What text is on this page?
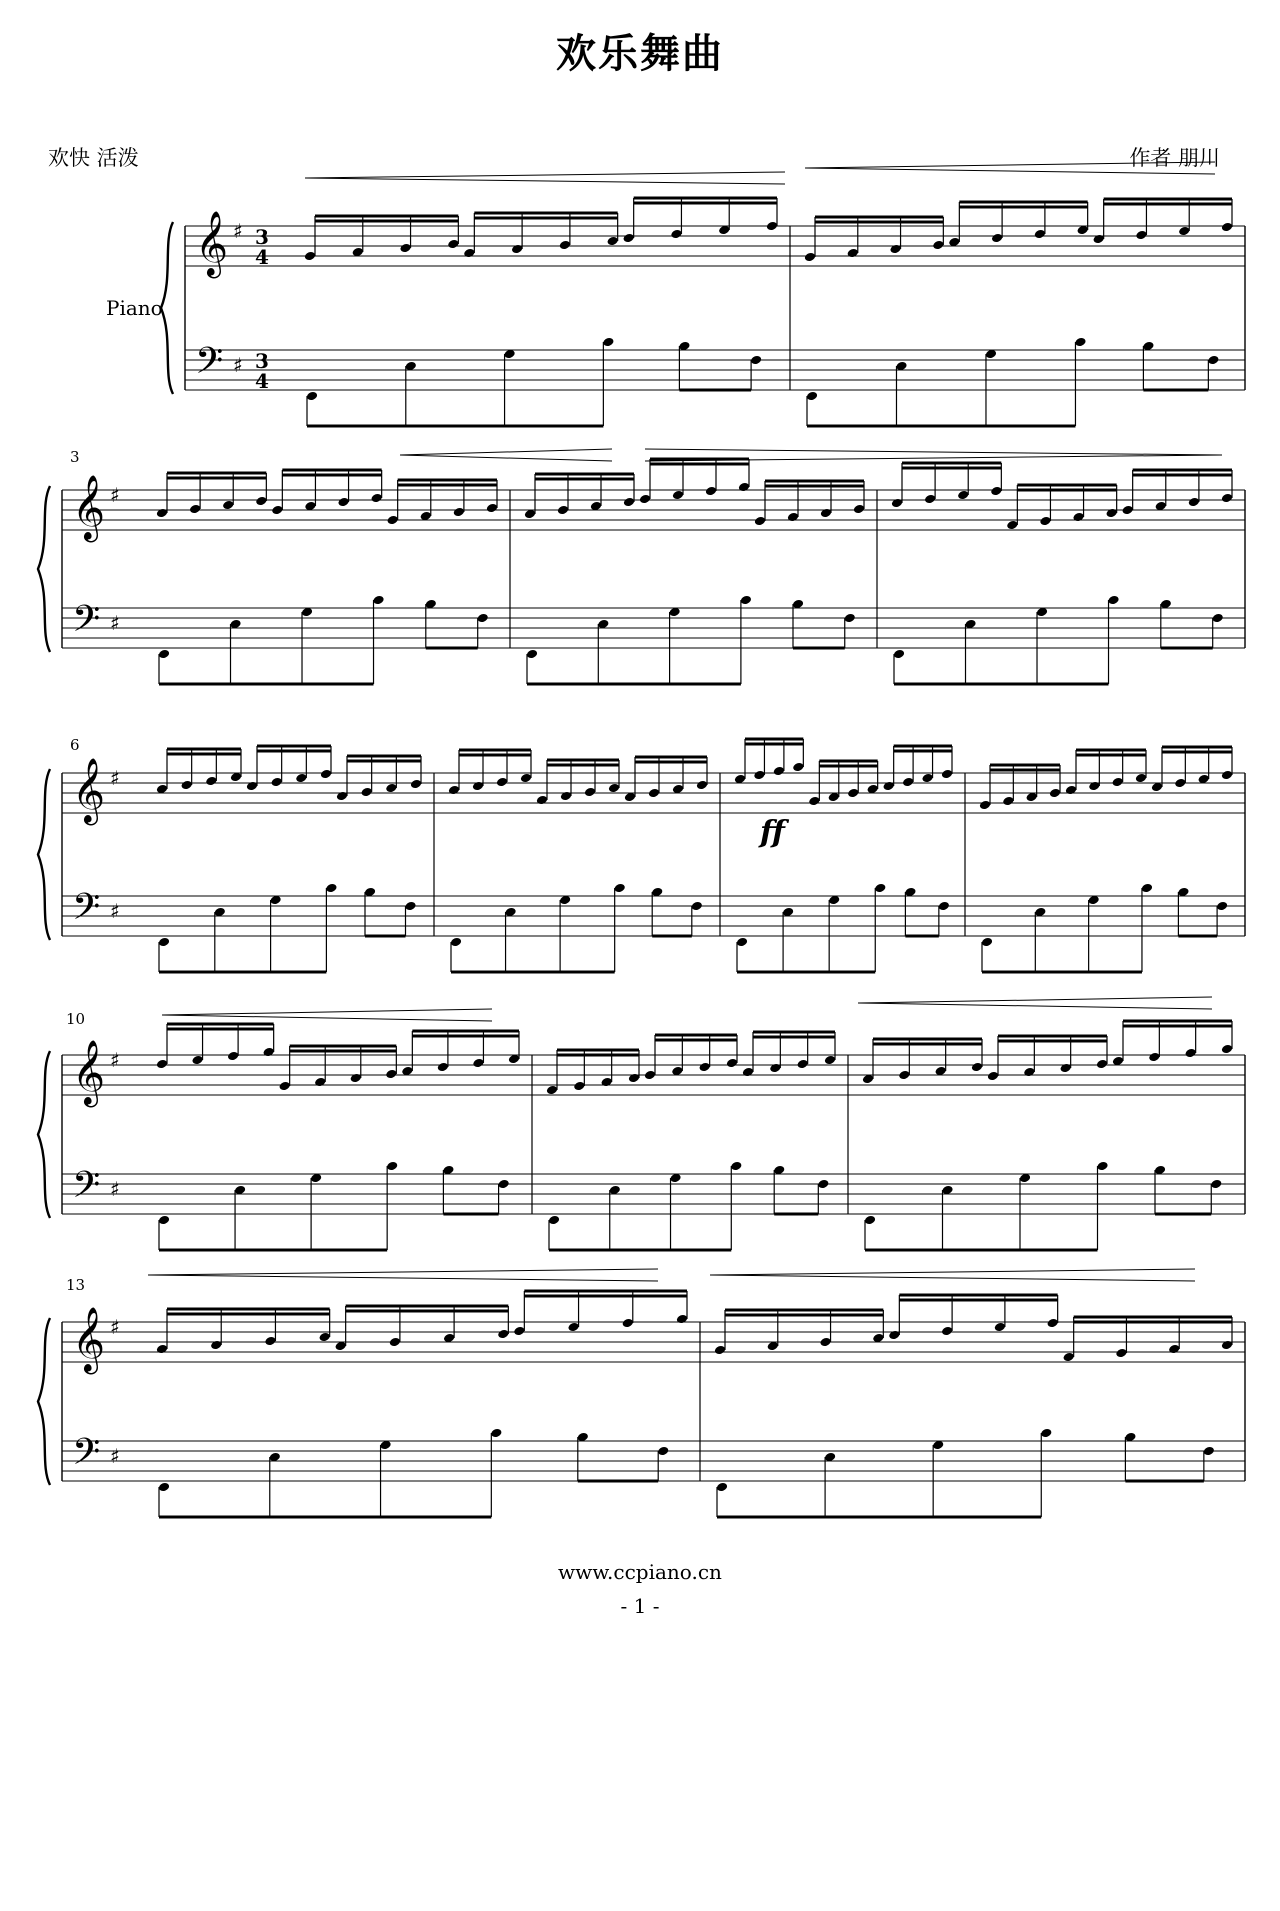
欢乐舞曲
欢快 活泼	作者 朋川
Piano
3
6
10
13
ff
𝄞
𝄢
♯
♯
3
4
3
4
𝄞
𝄢
♯
♯
𝄞
𝄢
♯
♯
𝄞
𝄢
♯
♯
𝄞
𝄢
♯
♯
www.ccpiano.cn
- 1 -
